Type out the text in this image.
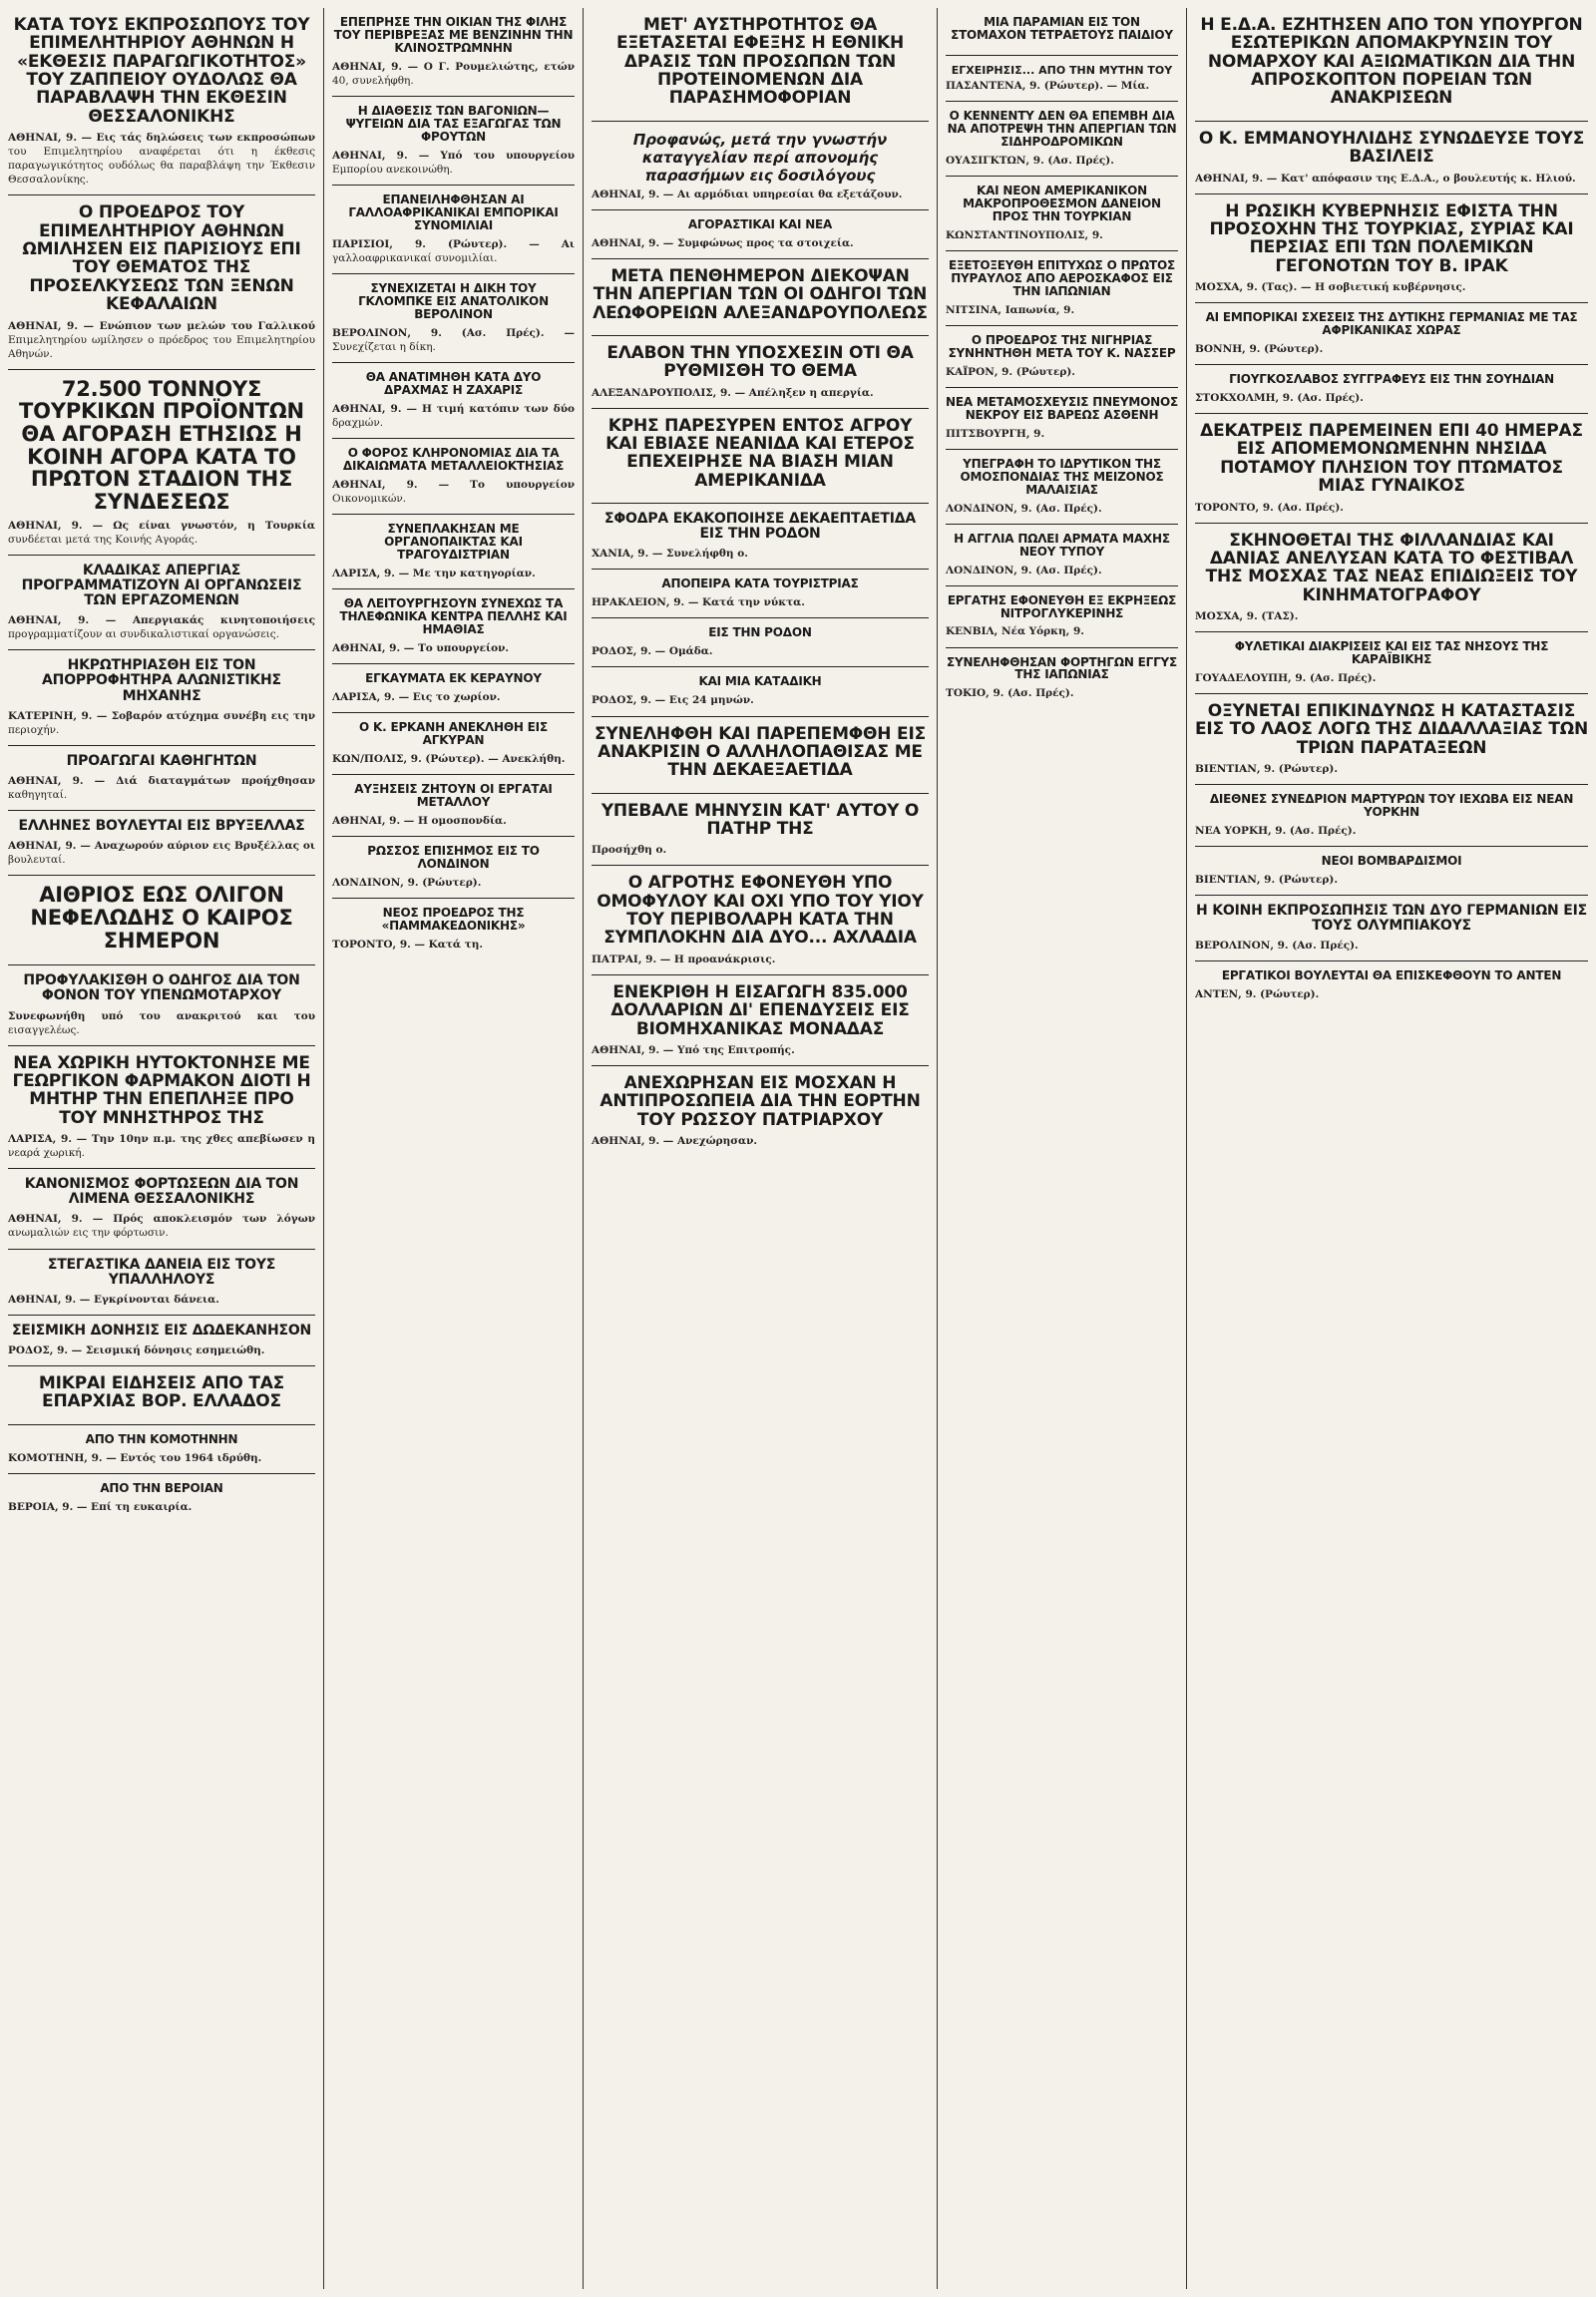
ΚΑΤΑ ΤΟΥΣ ΕΚΠΡΟΣΩΠΟΥΣ ΤΟΥ ΕΠΙΜΕΛΗΤΗΡΙΟΥ ΑΘΗΝΩΝ Η «ΕΚΘΕΣΙΣ ΠΑΡΑΓΩΓΙΚΟΤΗΤΟΣ» ΤΟΥ ΖΑΠΠΕΙΟΥ ΟΥΔΟΛΩΣ ΘΑ ΠΑΡΑΒΛΑΨΗ ΤΗΝ ΕΚΘΕΣΙΝ ΘΕΣΣΑΛΟΝΙΚΗΣ

ΑΘΗΝΑΙ, 9. — Εις τάς δηλώσεις των εκπροσώπων του Επιμελητηρίου αναφέρεται ότι η έκθεσις παραγωγικότητος ουδόλως θα παραβλάψη την Έκθεσιν Θεσσαλονίκης.

Ο ΠΡΟΕΔΡΟΣ ΤΟΥ ΕΠΙΜΕΛΗΤΗΡΙΟΥ ΑΘΗΝΩΝ ΩΜΙΛΗΣΕΝ ΕΙΣ ΠΑΡΙΣΙΟΥΣ ΕΠΙ ΤΟΥ ΘΕΜΑΤΟΣ ΤΗΣ ΠΡΟΣΕΛΚΥΣΕΩΣ ΤΩΝ ΞΕΝΩΝ ΚΕΦΑΛΑΙΩΝ

ΑΘΗΝΑΙ, 9. — Ενώπιον των μελών του Γαλλικού Επιμελητηρίου ωμίλησεν ο πρόεδρος του Επιμελητηρίου Αθηνών.

72.500 ΤΟΝΝΟΥΣ ΤΟΥΡΚΙΚΩΝ ΠΡΟΪΟΝΤΩΝ ΘΑ ΑΓΟΡΑΣΗ ΕΤΗΣΙΩΣ Η ΚΟΙΝΗ ΑΓΟΡΑ ΚΑΤΑ ΤΟ ΠΡΩΤΟΝ ΣΤΑΔΙΟΝ ΤΗΣ ΣΥΝΔΕΣΕΩΣ

ΑΘΗΝΑΙ, 9. — Ως είναι γνωστόν, η Τουρκία συνδέεται μετά της Κοινής Αγοράς.

ΚΛΑΔΙΚΑΣ ΑΠΕΡΓΙΑΣ ΠΡΟΓΡΑΜΜΑΤΙΖΟΥΝ ΑΙ ΟΡΓΑΝΩΣΕΙΣ ΤΩΝ ΕΡΓΑΖΟΜΕΝΩΝ

ΑΘΗΝΑΙ, 9. — Απεργιακάς κινητοποιήσεις προγραμματίζουν αι συνδικαλιστικαί οργανώσεις.

ΗΚΡΩΤΗΡΙΑΣΘΗ ΕΙΣ ΤΟΝ ΑΠΟΡΡΟΦΗΤΗΡΑ ΑΛΩΝΙΣΤΙΚΗΣ ΜΗΧΑΝΗΣ

ΚΑΤΕΡΙΝΗ, 9. — Σοβαρόν ατύχημα συνέβη εις την περιοχήν.

ΠΡΟΑΓΩΓΑΙ ΚΑΘΗΓΗΤΩΝ

ΑΘΗΝΑΙ, 9. — Διά διαταγμάτων προήχθησαν καθηγηταί.

ΕΛΛΗΝΕΣ ΒΟΥΛΕΥΤΑΙ ΕΙΣ ΒΡΥΞΕΛΛΑΣ

ΑΘΗΝΑΙ, 9. — Αναχωρούν αύριον εις Βρυξέλλας οι βουλευταί.

ΑΙΘΡΙΟΣ ΕΩΣ ΟΛΙΓΟΝ ΝΕΦΕΛΩΔΗΣ Ο ΚΑΙΡΟΣ ΣΗΜΕΡΟΝ
ΠΡΟΦΥΛΑΚΙΣΘΗ Ο ΟΔΗΓΟΣ ΔΙΑ ΤΟΝ ΦΟΝΟΝ ΤΟΥ ΥΠΕΝΩΜΟΤΑΡΧΟΥ

Συνεφωνήθη υπό του ανακριτού και του εισαγγελέως.

ΝΕΑ ΧΩΡΙΚΗ ΗΥΤΟΚΤΟΝΗΣΕ ΜΕ ΓΕΩΡΓΙΚΟΝ ΦΑΡΜΑΚΟΝ ΔΙΟΤΙ Η ΜΗΤΗΡ ΤΗΝ ΕΠΕΠΛΗΞΕ ΠΡΟ ΤΟΥ ΜΝΗΣΤΗΡΟΣ ΤΗΣ

ΛΑΡΙΣΑ, 9. — Την 10ην π.μ. της χθες απεβίωσεν η νεαρά χωρική.

ΚΑΝΟΝΙΣΜΟΣ ΦΟΡΤΩΣΕΩΝ ΔΙΑ ΤΟΝ ΛΙΜΕΝΑ ΘΕΣΣΑΛΟΝΙΚΗΣ

ΑΘΗΝΑΙ, 9. — Πρός αποκλεισμόν των λόγων ανωμαλιών εις την φόρτωσιν.

ΣΤΕΓΑΣΤΙΚΑ ΔΑΝΕΙΑ ΕΙΣ ΤΟΥΣ ΥΠΑΛΛΗΛΟΥΣ

ΑΘΗΝΑΙ, 9. — Εγκρίνονται δάνεια.

ΣΕΙΣΜΙΚΗ ΔΟΝΗΣΙΣ ΕΙΣ ΔΩΔΕΚΑΝΗΣΟΝ

ΡΟΔΟΣ, 9. — Σεισμική δόνησις εσημειώθη.

ΜΙΚΡΑΙ ΕΙΔΗΣΕΙΣ ΑΠΟ ΤΑΣ ΕΠΑΡΧΙΑΣ ΒΟΡ. ΕΛΛΑΔΟΣ
ΑΠΟ ΤΗΝ ΚΟΜΟΤΗΝΗΝ

ΚΟΜΟΤΗΝΗ, 9. — Εντός του 1964 ιδρύθη.

ΑΠΟ ΤΗΝ ΒΕΡΟΙΑΝ

ΒΕΡΟΙΑ, 9. — Επί τη ευκαιρία.

ΕΠΕΠΡΗΣΕ ΤΗΝ ΟΙΚΙΑΝ ΤΗΣ ΦΙΛΗΣ ΤΟΥ ΠΕΡΙΒΡΕΞΑΣ ΜΕ ΒΕΝΖΙΝΗΝ ΤΗΝ ΚΛΙΝΟΣΤΡΩΜΝΗΝ

ΑΘΗΝΑΙ, 9. — Ο Γ. Ρουμελιώτης, ετών 40, συνελήφθη.

Η ΔΙΑΘΕΣΙΣ ΤΩΝ ΒΑΓΟΝΙΩΝ—ΨΥΓΕΙΩΝ ΔΙΑ ΤΑΣ ΕΞΑΓΩΓΑΣ ΤΩΝ ΦΡΟΥΤΩΝ

ΑΘΗΝΑΙ, 9. — Υπό του υπουργείου Εμπορίου ανεκοινώθη.

ΕΠΑΝΕΙΛΗΦΘΗΣΑΝ ΑΙ ΓΑΛΛΟΑΦΡΙΚΑΝΙΚΑΙ ΕΜΠΟΡΙΚΑΙ ΣΥΝΟΜΙΛΙΑΙ

ΠΑΡΙΣΙΟΙ, 9. (Ρώυτερ). — Αι γαλλοαφρικανικαί συνομιλίαι.

ΣΥΝΕΧΙΖΕΤΑΙ Η ΔΙΚΗ ΤΟΥ ΓΚΛΟΜΠΚΕ ΕΙΣ ΑΝΑΤΟΛΙΚΟΝ ΒΕΡΟΛΙΝΟΝ

ΒΕΡΟΛΙΝΟΝ, 9. (Ασ. Πρές). — Συνεχίζεται η δίκη.

ΘΑ ΑΝΑΤΙΜΗΘΗ ΚΑΤΑ ΔΥΟ ΔΡΑΧΜΑΣ Η ΖΑΧΑΡΙΣ

ΑΘΗΝΑΙ, 9. — Η τιμή κατόπιν των δύο δραχμών.

Ο ΦΟΡΟΣ ΚΛΗΡΟΝΟΜΙΑΣ ΔΙΑ ΤΑ ΔΙΚΑΙΩΜΑΤΑ ΜΕΤΑΛΛΕΙΟΚΤΗΣΙΑΣ

ΑΘΗΝΑΙ, 9. — Το υπουργείον Οικονομικών.

ΣΥΝΕΠΛΑΚΗΣΑΝ ΜΕ ΟΡΓΑΝΟΠΑΙΚΤΑΣ ΚΑΙ ΤΡΑΓΟΥΔΙΣΤΡΙΑΝ

ΛΑΡΙΣΑ, 9. — Με την κατηγορίαν.

ΘΑ ΛΕΙΤΟΥΡΓΗΣΟΥΝ ΣΥΝΕΧΩΣ ΤΑ ΤΗΛΕΦΩΝΙΚΑ ΚΕΝΤΡΑ ΠΕΛΛΗΣ ΚΑΙ ΗΜΑΘΙΑΣ

ΑΘΗΝΑΙ, 9. — Το υπουργείον.

ΕΓΚΑΥΜΑΤΑ ΕΚ ΚΕΡΑΥΝΟΥ

ΛΑΡΙΣΑ, 9. — Εις το χωρίον.

Ο Κ. ΕΡΚΑΝΗ ΑΝΕΚΛΗΘΗ ΕΙΣ ΑΓΚΥΡΑΝ

ΚΩΝ/ΠΟΛΙΣ, 9. (Ρώυτερ). — Ανεκλήθη.

ΑΥΞΗΣΕΙΣ ΖΗΤΟΥΝ ΟΙ ΕΡΓΑΤΑΙ ΜΕΤΑΛΛΟΥ

ΑΘΗΝΑΙ, 9. — Η ομοσπονδία.

ΡΩΣΣΟΣ ΕΠΙΣΗΜΟΣ ΕΙΣ ΤΟ ΛΟΝΔΙΝΟΝ

ΛΟΝΔΙΝΟΝ, 9. (Ρώυτερ).

ΝΕΟΣ ΠΡΟΕΔΡΟΣ ΤΗΣ «ΠΑΜΜΑΚΕΔΟΝΙΚΗΣ»

ΤΟΡΟΝΤΟ, 9. — Κατά τη.

ΜΕΤ' ΑΥΣΤΗΡΟΤΗΤΟΣ ΘΑ ΕΞΕΤΑΣΕΤΑΙ ΕΦΕΞΗΣ Η ΕΘΝΙΚΗ ΔΡΑΣΙΣ ΤΩΝ ΠΡΟΣΩΠΩΝ ΤΩΝ ΠΡΟΤΕΙΝΟΜΕΝΩΝ ΔΙΑ ΠΑΡΑΣΗΜΟΦΟΡΙΑΝ
Προφανώς, μετά την γνωστήν καταγγελίαν περί απονομής παρασήμων εις δοσιλόγους

ΑΘΗΝΑΙ, 9. — Αι αρμόδιαι υπηρεσίαι θα εξετάζουν.

ΑΓΟΡΑΣΤΙΚΑΙ ΚΑΙ ΝΕΑ

ΑΘΗΝΑΙ, 9. — Συμφώνως προς τα στοιχεία.

ΜΕΤΑ ΠΕΝΘΗΜΕΡΟΝ ΔΙΕΚΟΨΑΝ ΤΗΝ ΑΠΕΡΓΙΑΝ ΤΩΝ ΟΙ ΟΔΗΓΟΙ ΤΩΝ ΛΕΩΦΟΡΕΙΩΝ ΑΛΕΞΑΝΔΡΟΥΠΟΛΕΩΣ
ΕΛΑΒΟΝ ΤΗΝ ΥΠΟΣΧΕΣΙΝ ΟΤΙ ΘΑ ΡΥΘΜΙΣΘΗ ΤΟ ΘΕΜΑ

ΑΛΕΞΑΝΔΡΟΥΠΟΛΙΣ, 9. — Απέληξεν η απεργία.

ΚΡΗΣ ΠΑΡΕΣΥΡΕΝ ΕΝΤΟΣ ΑΓΡΟΥ ΚΑΙ ΕΒΙΑΣΕ ΝΕΑΝΙΔΑ ΚΑΙ ΕΤΕΡΟΣ ΕΠΕΧΕΙΡΗΣΕ ΝΑ ΒΙΑΣΗ ΜΙΑΝ ΑΜΕΡΙΚΑΝΙΔΑ
ΣΦΟΔΡΑ ΕΚΑΚΟΠΟΙΗΣΕ ΔΕΚΑΕΠΤΑΕΤΙΔΑ ΕΙΣ ΤΗΝ ΡΟΔΟΝ

ΧΑΝΙΑ, 9. — Συνελήφθη ο.

ΑΠΟΠΕΙΡΑ ΚΑΤΑ ΤΟΥΡΙΣΤΡΙΑΣ

ΗΡΑΚΛΕΙΟΝ, 9. — Κατά την νύκτα.

ΕΙΣ ΤΗΝ ΡΟΔΟΝ

ΡΟΔΟΣ, 9. — Ομάδα.

ΚΑΙ ΜΙΑ ΚΑΤΑΔΙΚΗ

ΡΟΔΟΣ, 9. — Εις 24 μηνών.

ΣΥΝΕΛΗΦΘΗ ΚΑΙ ΠΑΡΕΠΕΜΦΘΗ ΕΙΣ ΑΝΑΚΡΙΣΙΝ Ο ΑΛΛΗΛΟΠΑΘΙΣΑΣ ΜΕ ΤΗΝ ΔΕΚΑΕΞΑΕΤΙΔΑ
ΥΠΕΒΑΛΕ ΜΗΝΥΣΙΝ ΚΑΤ' ΑΥΤΟΥ Ο ΠΑΤΗΡ ΤΗΣ

Προσήχθη ο.

Ο ΑΓΡΟΤΗΣ ΕΦΟΝΕΥΘΗ ΥΠΟ ΟΜΟΦΥΛΟΥ ΚΑΙ ΟΧΙ ΥΠΟ ΤΟΥ ΥΙΟΥ ΤΟΥ ΠΕΡΙΒΟΛΑΡΗ ΚΑΤΑ ΤΗΝ ΣΥΜΠΛΟΚΗΝ ΔΙΑ ΔΥΟ... ΑΧΛΑΔΙΑ

ΠΑΤΡΑΙ, 9. — Η προανάκρισις.

ΕΝΕΚΡΙΘΗ Η ΕΙΣΑΓΩΓΗ 835.000 ΔΟΛΛΑΡΙΩΝ ΔΙ' ΕΠΕΝΔΥΣΕΙΣ ΕΙΣ ΒΙΟΜΗΧΑΝΙΚΑΣ ΜΟΝΑΔΑΣ

ΑΘΗΝΑΙ, 9. — Υπό της Επιτροπής.

ΑΝΕΧΩΡΗΣΑΝ ΕΙΣ ΜΟΣΧΑΝ Η ΑΝΤΙΠΡΟΣΩΠΕΙΑ ΔΙΑ ΤΗΝ ΕΟΡΤΗΝ ΤΟΥ ΡΩΣΣΟΥ ΠΑΤΡΙΑΡΧΟΥ

ΑΘΗΝΑΙ, 9. — Ανεχώρησαν.

ΜΙΑ ΠΑΡΑΜΙΑΝ ΕΙΣ ΤΟΝ ΣΤΟΜΑΧΟΝ ΤΕΤΡΑΕΤΟΥΣ ΠΑΙΔΙΟΥ
ΕΓΧΕΙΡΗΣΙΣ... ΑΠΟ ΤΗΝ ΜΥΤΗΝ ΤΟΥ

ΠΑΣΑΝΤΕΝΑ, 9. (Ρώυτερ). — Μία.

Ο ΚΕΝΝΕΝΤΥ ΔΕΝ ΘΑ ΕΠΕΜΒΗ ΔΙΑ ΝΑ ΑΠΟΤΡΕΨΗ ΤΗΝ ΑΠΕΡΓΙΑΝ ΤΩΝ ΣΙΔΗΡΟΔΡΟΜΙΚΩΝ

ΟΥΑΣΙΓΚΤΩΝ, 9. (Ασ. Πρές).

ΚΑΙ ΝΕΟΝ ΑΜΕΡΙΚΑΝΙΚΟΝ ΜΑΚΡΟΠΡΟΘΕΣΜΟΝ ΔΑΝΕΙΟΝ ΠΡΟΣ ΤΗΝ ΤΟΥΡΚΙΑΝ

ΚΩΝΣΤΑΝΤΙΝΟΥΠΟΛΙΣ, 9.

ΕΞΕΤΟΞΕΥΘΗ ΕΠΙΤΥΧΩΣ Ο ΠΡΩΤΟΣ ΠΥΡΑΥΛΟΣ ΑΠΟ ΑΕΡΟΣΚΑΦΟΣ ΕΙΣ ΤΗΝ ΙΑΠΩΝΙΑΝ

ΝΙΤΣΙΝΑ, Ιαπωνία, 9.

Ο ΠΡΟΕΔΡΟΣ ΤΗΣ ΝΙΓΗΡΙΑΣ ΣΥΝΗΝΤΗΘΗ ΜΕΤΑ ΤΟΥ Κ. ΝΑΣΣΕΡ

ΚΑΪΡΟΝ, 9. (Ρώυτερ).

ΝΕΑ ΜΕΤΑΜΟΣΧΕΥΣΙΣ ΠΝΕΥΜΟΝΟΣ ΝΕΚΡΟΥ ΕΙΣ ΒΑΡΕΩΣ ΑΣΘΕΝΗ

ΠΙΤΣΒΟΥΡΓΗ, 9.

ΥΠΕΓΡΑΦΗ ΤΟ ΙΔΡΥΤΙΚΟΝ ΤΗΣ ΟΜΟΣΠΟΝΔΙΑΣ ΤΗΣ ΜΕΙΖΟΝΟΣ ΜΑΛΑΙΣΙΑΣ

ΛΟΝΔΙΝΟΝ, 9. (Ασ. Πρές).

Η ΑΓΓΛΙΑ ΠΩΛΕΙ ΑΡΜΑΤΑ ΜΑΧΗΣ ΝΕΟΥ ΤΥΠΟΥ

ΛΟΝΔΙΝΟΝ, 9. (Ασ. Πρές).

ΕΡΓΑΤΗΣ ΕΦΟΝΕΥΘΗ ΕΞ ΕΚΡΗΞΕΩΣ ΝΙΤΡΟΓΛΥΚΕΡΙΝΗΣ

ΚΕΝΒΙΛ, Νέα Υόρκη, 9.

ΣΥΝΕΛΗΦΘΗΣΑΝ ΦΟΡΤΗΓΩΝ ΕΓΓΥΣ ΤΗΣ ΙΑΠΩΝΙΑΣ

ΤΟΚΙΟ, 9. (Ασ. Πρές).

Η Ε.Δ.Α. ΕΖΗΤΗΣΕΝ ΑΠΟ ΤΟΝ ΥΠΟΥΡΓΟΝ ΕΣΩΤΕΡΙΚΩΝ ΑΠΟΜΑΚΡΥΝΣΙΝ ΤΟΥ ΝΟΜΑΡΧΟΥ ΚΑΙ ΑΞΙΩΜΑΤΙΚΩΝ ΔΙΑ ΤΗΝ ΑΠΡΟΣΚΟΠΤΟΝ ΠΟΡΕΙΑΝ ΤΩΝ ΑΝΑΚΡΙΣΕΩΝ
Ο Κ. ΕΜΜΑΝΟΥΗΛΙΔΗΣ ΣΥΝΩΔΕΥΣΕ ΤΟΥΣ ΒΑΣΙΛΕΙΣ

ΑΘΗΝΑΙ, 9. — Κατ' απόφασιν της Ε.Δ.Α., ο βουλευτής κ. Ηλιού.

Η ΡΩΣΙΚΗ ΚΥΒΕΡΝΗΣΙΣ ΕΦΙΣΤΑ ΤΗΝ ΠΡΟΣΟΧΗΝ ΤΗΣ ΤΟΥΡΚΙΑΣ, ΣΥΡΙΑΣ ΚΑΙ ΠΕΡΣΙΑΣ ΕΠΙ ΤΩΝ ΠΟΛΕΜΙΚΩΝ ΓΕΓΟΝΟΤΩΝ ΤΟΥ Β. ΙΡΑΚ

ΜΟΣΧΑ, 9. (Τας). — Η σοβιετική κυβέρνησις.

ΑΙ ΕΜΠΟΡΙΚΑΙ ΣΧΕΣΕΙΣ ΤΗΣ ΔΥΤΙΚΗΣ ΓΕΡΜΑΝΙΑΣ ΜΕ ΤΑΣ ΑΦΡΙΚΑΝΙΚΑΣ ΧΩΡΑΣ

ΒΟΝΝΗ, 9. (Ρώυτερ).

ΓΙΟΥΓΚΟΣΛΑΒΟΣ ΣΥΓΓΡΑΦΕΥΣ ΕΙΣ ΤΗΝ ΣΟΥΗΔΙΑΝ

ΣΤΟΚΧΟΛΜΗ, 9. (Ασ. Πρές).

ΔΕΚΑΤΡΕΙΣ ΠΑΡΕΜΕΙΝΕΝ ΕΠΙ 40 ΗΜΕΡΑΣ ΕΙΣ ΑΠΟΜΕΜΟΝΩΜΕΝΗΝ ΝΗΣΙΔΑ ΠΟΤΑΜΟΥ ΠΛΗΣΙΟΝ ΤΟΥ ΠΤΩΜΑΤΟΣ ΜΙΑΣ ΓΥΝΑΙΚΟΣ

ΤΟΡΟΝΤΟ, 9. (Ασ. Πρές).

ΣΚΗΝΟΘΕΤΑΙ ΤΗΣ ΦΙΛΛΑΝΔΙΑΣ ΚΑΙ ΔΑΝΙΑΣ ΑΝΕΛΥΣΑΝ ΚΑΤΑ ΤΟ ΦΕΣΤΙΒΑΛ ΤΗΣ ΜΟΣΧΑΣ ΤΑΣ ΝΕΑΣ ΕΠΙΔΙΩΞΕΙΣ ΤΟΥ ΚΙΝΗΜΑΤΟΓΡΑΦΟΥ

ΜΟΣΧΑ, 9. (ΤΑΣ).

ΦΥΛΕΤΙΚΑΙ ΔΙΑΚΡΙΣΕΙΣ ΚΑΙ ΕΙΣ ΤΑΣ ΝΗΣΟΥΣ ΤΗΣ ΚΑΡΑΪΒΙΚΗΣ

ΓΟΥΑΔΕΛΟΥΠΗ, 9. (Ασ. Πρές).

ΟΞΥΝΕΤΑΙ ΕΠΙΚΙΝΔΥΝΩΣ Η ΚΑΤΑΣΤΑΣΙΣ ΕΙΣ ΤΟ ΛΑΟΣ ΛΟΓΩ ΤΗΣ ΔΙΔΑΛΛΑΞΙΑΣ ΤΩΝ ΤΡΙΩΝ ΠΑΡΑΤΑΞΕΩΝ

ΒΙΕΝΤΙΑΝ, 9. (Ρώυτερ).

ΔΙΕΘΝΕΣ ΣΥΝΕΔΡΙΟΝ ΜΑΡΤΥΡΩΝ ΤΟΥ ΙΕΧΩΒΑ ΕΙΣ ΝΕΑΝ ΥΟΡΚΗΝ

ΝΕΑ ΥΟΡΚΗ, 9. (Ασ. Πρές).

ΝΕΟΙ ΒΟΜΒΑΡΔΙΣΜΟΙ

ΒΙΕΝΤΙΑΝ, 9. (Ρώυτερ).

Η ΚΟΙΝΗ ΕΚΠΡΟΣΩΠΗΣΙΣ ΤΩΝ ΔΥΟ ΓΕΡΜΑΝΙΩΝ ΕΙΣ ΤΟΥΣ ΟΛΥΜΠΙΑΚΟΥΣ

ΒΕΡΟΛΙΝΟΝ, 9. (Ασ. Πρές).

ΕΡΓΑΤΙΚΟΙ ΒΟΥΛΕΥΤΑΙ ΘΑ ΕΠΙΣΚΕΦΘΟΥΝ ΤΟ ΑΝΤΕΝ

ΑΝΤΕΝ, 9. (Ρώυτερ).
